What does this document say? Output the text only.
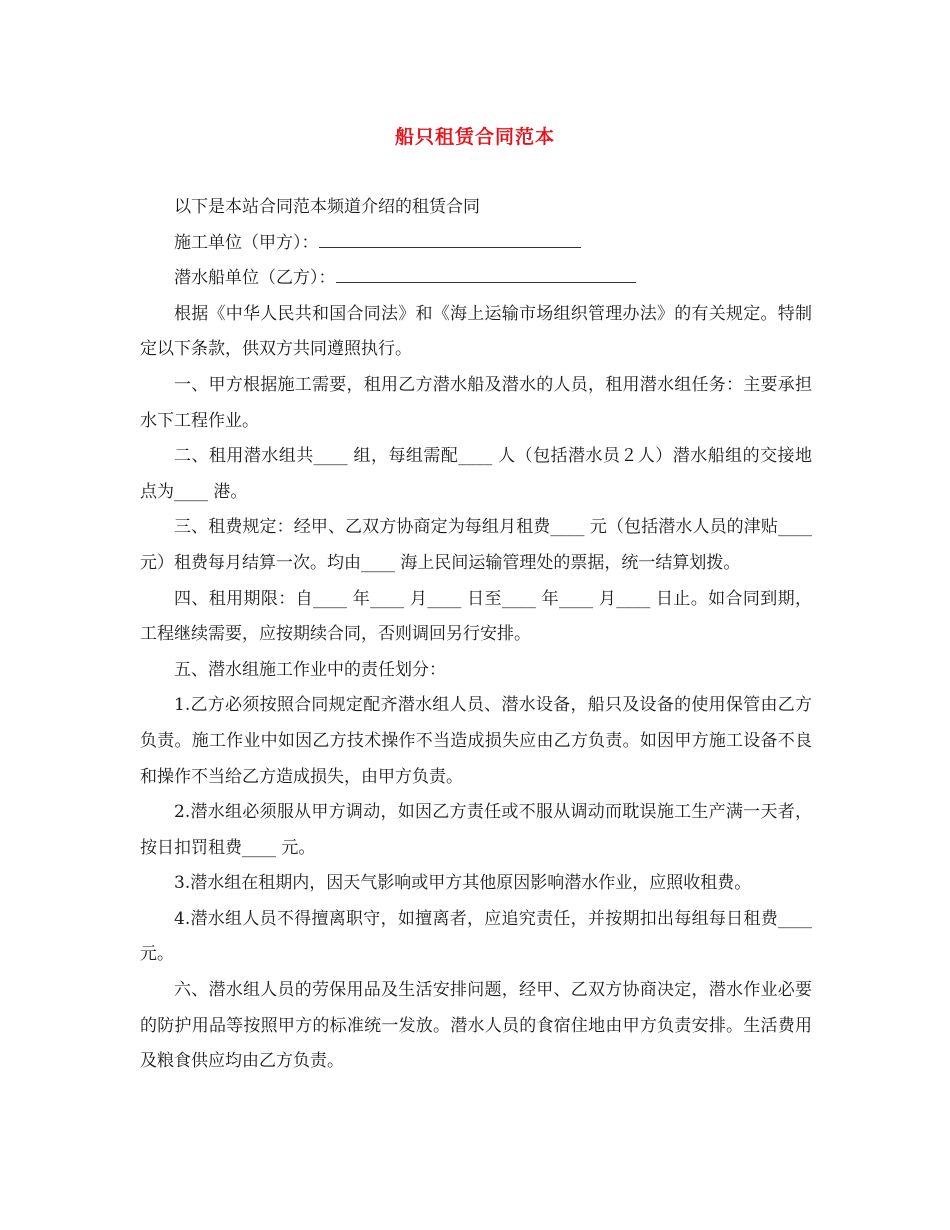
船只租赁合同范本

以下是本站合同范本频道介绍的租赁合同

施工单位（甲方）：

潜水船单位（乙方）：

根据《中华人民共和国合同法》和《海上运输市场组织管理办法》的有关规定。特制定以下条款，供双方共同遵照执行。

一、甲方根据施工需要，租用乙方潜水船及潜水的人员，租用潜水组任务：主要承担水下工程作业。

二、租用潜水组共____ 组，每组需配____ 人（包括潜水员２人）潜水船组的交接地点为____ 港。

三、租费规定：经甲、乙双方协商定为每组月租费____ 元（包括潜水人员的津贴____ 元）租费每月结算一次。均由____ 海上民间运输管理处的票据，统一结算划拨。

四、租用期限：自____ 年____ 月____ 日至____ 年____ 月____ 日止。如合同到期，工程继续需要，应按期续合同，否则调回另行安排。

五、潜水组施工作业中的责任划分：

1.乙方必须按照合同规定配齐潜水组人员、潜水设备，船只及设备的使用保管由乙方负责。施工作业中如因乙方技术操作不当造成损失应由乙方负责。如因甲方施工设备不良和操作不当给乙方造成损失，由甲方负责。

2.潜水组必须服从甲方调动，如因乙方责任或不服从调动而耽误施工生产满一天者，按日扣罚租费____ 元。

3.潜水组在租期内，因天气影响或甲方其他原因影响潜水作业，应照收租费。

4.潜水组人员不得擅离职守，如擅离者，应追究责任，并按期扣出每组每日租费____ 元。

六、潜水组人员的劳保用品及生活安排问题，经甲、乙双方协商决定，潜水作业必要的防护用品等按照甲方的标准统一发放。潜水人员的食宿住地由甲方负责安排。生活费用及粮食供应均由乙方负责。
